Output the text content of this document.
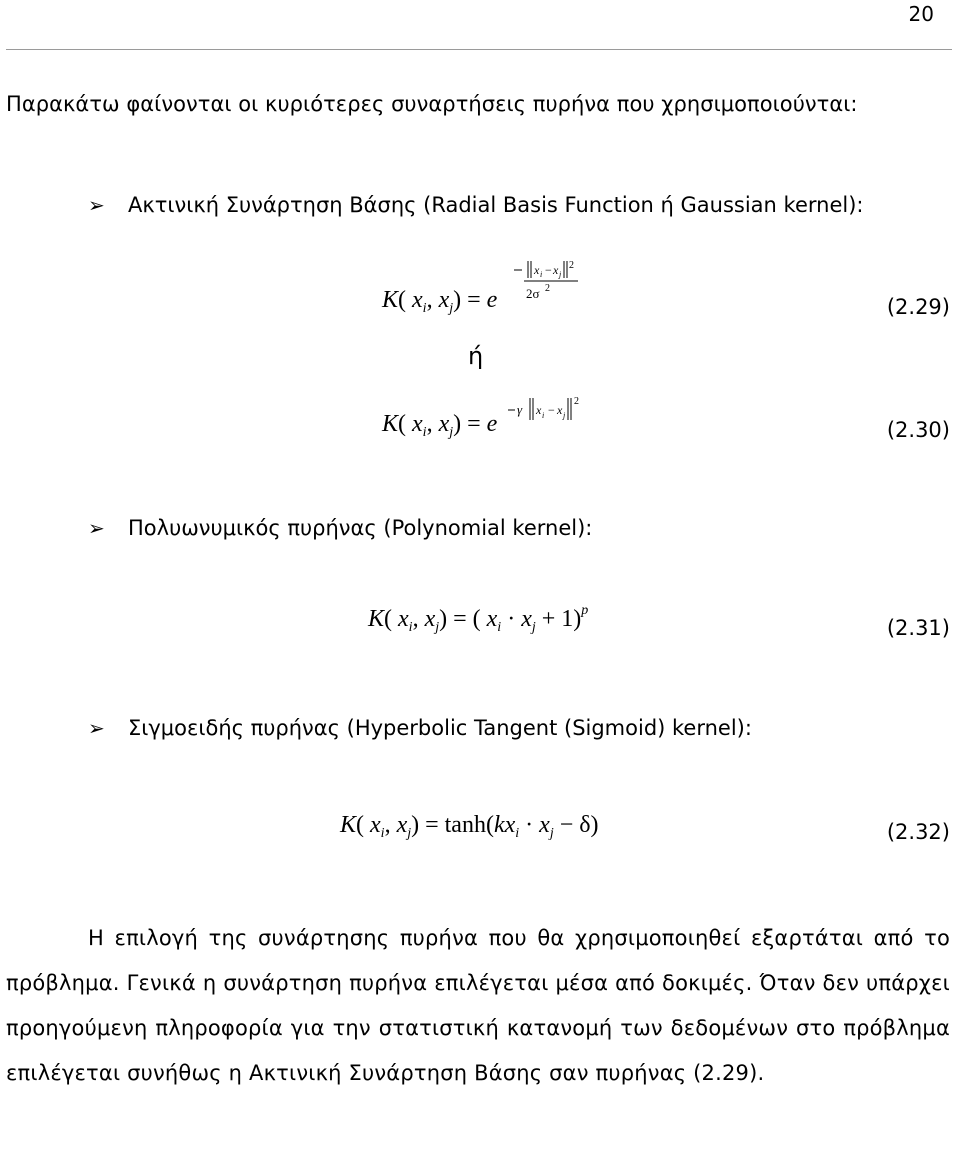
20
Παρακάτω φαίνονται οι κυριότερες συναρτήσεις πυρήνα που χρησιμοποιούνται:
➢	Ακτινική Συνάρτηση Βάσης (Radial Basis Function ή Gaussian kernel):
K( $x_i$, $x_j) = e$
x i − x j
2
2σ 2
(2.29)
ή
K( $x_i$, $x_j) = e$
γ x i − x j
2
(2.30)
➢	Πολυωνυμικός πυρήνας (Polynomial kernel):
K( $x_i$, $x_j$) = ( $x_i \cdot x_j + 1)^p$
(2.31)
➢	Σιγμοειδής πυρήνας (Hyperbolic Tangent (Sigmoid) kernel):
K( $x_i$, $x_j) = \tanh(kx_i \cdot x_j - \delta)$	(2.32)
Η επιλογή της συνάρτησης πυρήνα που θα χρησιμοποιηθεί εξαρτάται από το πρόβλημα. Γενικά η συνάρτηση πυρήνα επιλέγεται μέσα από δοκιμές. Όταν δεν υπάρχει προηγούμενη πληροφορία για την στατιστική κατανομή των δεδομένων στο πρόβλημα επιλέγεται συνήθως η Ακτινική Συνάρτηση Βάσης σαν πυρήνας (2.29).
